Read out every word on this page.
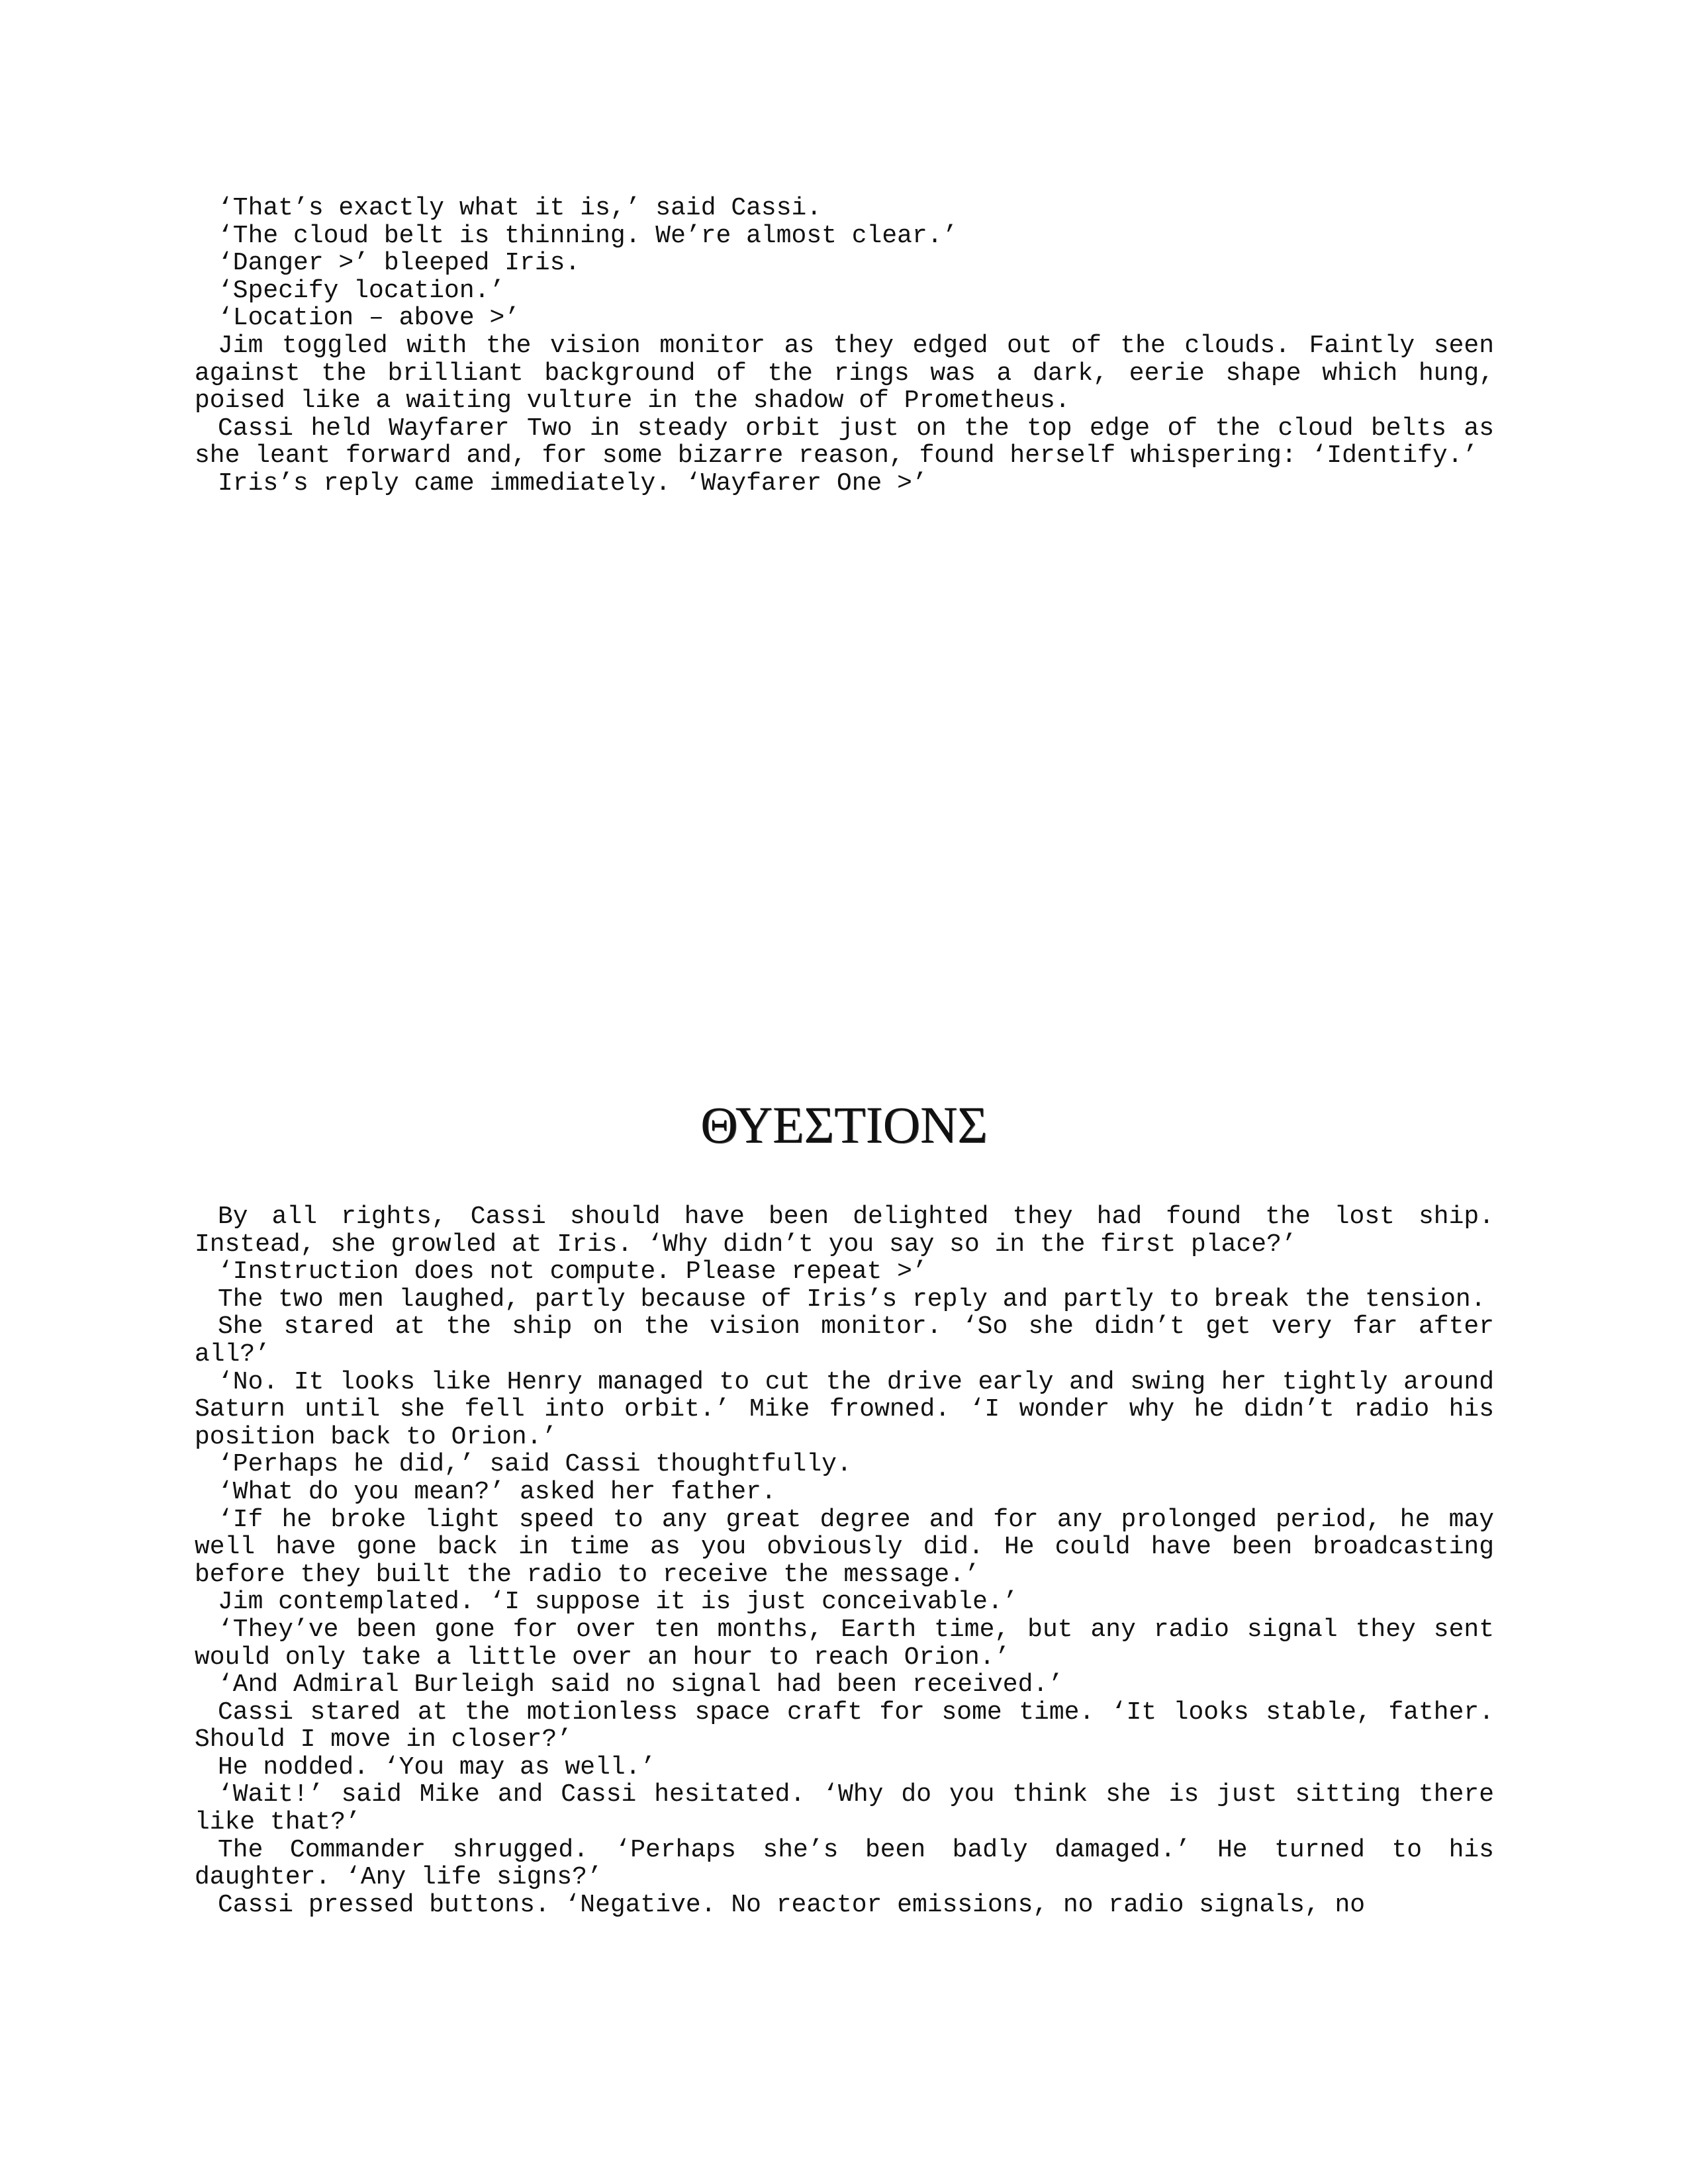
‘That’s exactly what it is,’ said Cassi.

‘The cloud belt is thinning. We’re almost clear.’

‘Danger >’ bleeped Iris.

‘Specify location.’

‘Location – above >’

Jim toggled with the vision monitor as they edged out of the clouds. Faintly seen against the brilliant background of the rings was a dark, eerie shape which hung, poised like a waiting vulture in the shadow of Prometheus.

Cassi held Wayfarer Two in steady orbit just on the top edge of the cloud belts as she leant forward and, for some bizarre reason, found herself whispering: ‘Identify.’

Iris’s reply came immediately. ‘Wayfarer One >’

ΘΥΕΣΤΙΟΝΣ

By all rights, Cassi should have been delighted they had found the lost ship. Instead, she growled at Iris. ‘Why didn’t you say so in the first place?’

‘Instruction does not compute. Please repeat >’

The two men laughed, partly because of Iris’s reply and partly to break the tension.

She stared at the ship on the vision monitor. ‘So she didn’t get very far after all?’

‘No. It looks like Henry managed to cut the drive early and swing her tightly around Saturn until she fell into orbit.’ Mike frowned. ‘I wonder why he didn’t radio his position back to Orion.’

‘Perhaps he did,’ said Cassi thoughtfully.

‘What do you mean?’ asked her father.

‘If he broke light speed to any great degree and for any prolonged period, he may well have gone back in time as you obviously did. He could have been broadcasting before they built the radio to receive the message.’

Jim contemplated. ‘I suppose it is just conceivable.’

‘They’ve been gone for over ten months, Earth time, but any radio signal they sent would only take a little over an hour to reach Orion.’

‘And Admiral Burleigh said no signal had been received.’

Cassi stared at the motionless space craft for some time. ‘It looks stable, father. Should I move in closer?’

He nodded. ‘You may as well.’

‘Wait!’ said Mike and Cassi hesitated. ‘Why do you think she is just sitting there like that?’

The Commander shrugged. ‘Perhaps she’s been badly damaged.’ He turned to his daughter. ‘Any life signs?’

Cassi pressed buttons. ‘Negative. No reactor emissions, no radio signals, no
